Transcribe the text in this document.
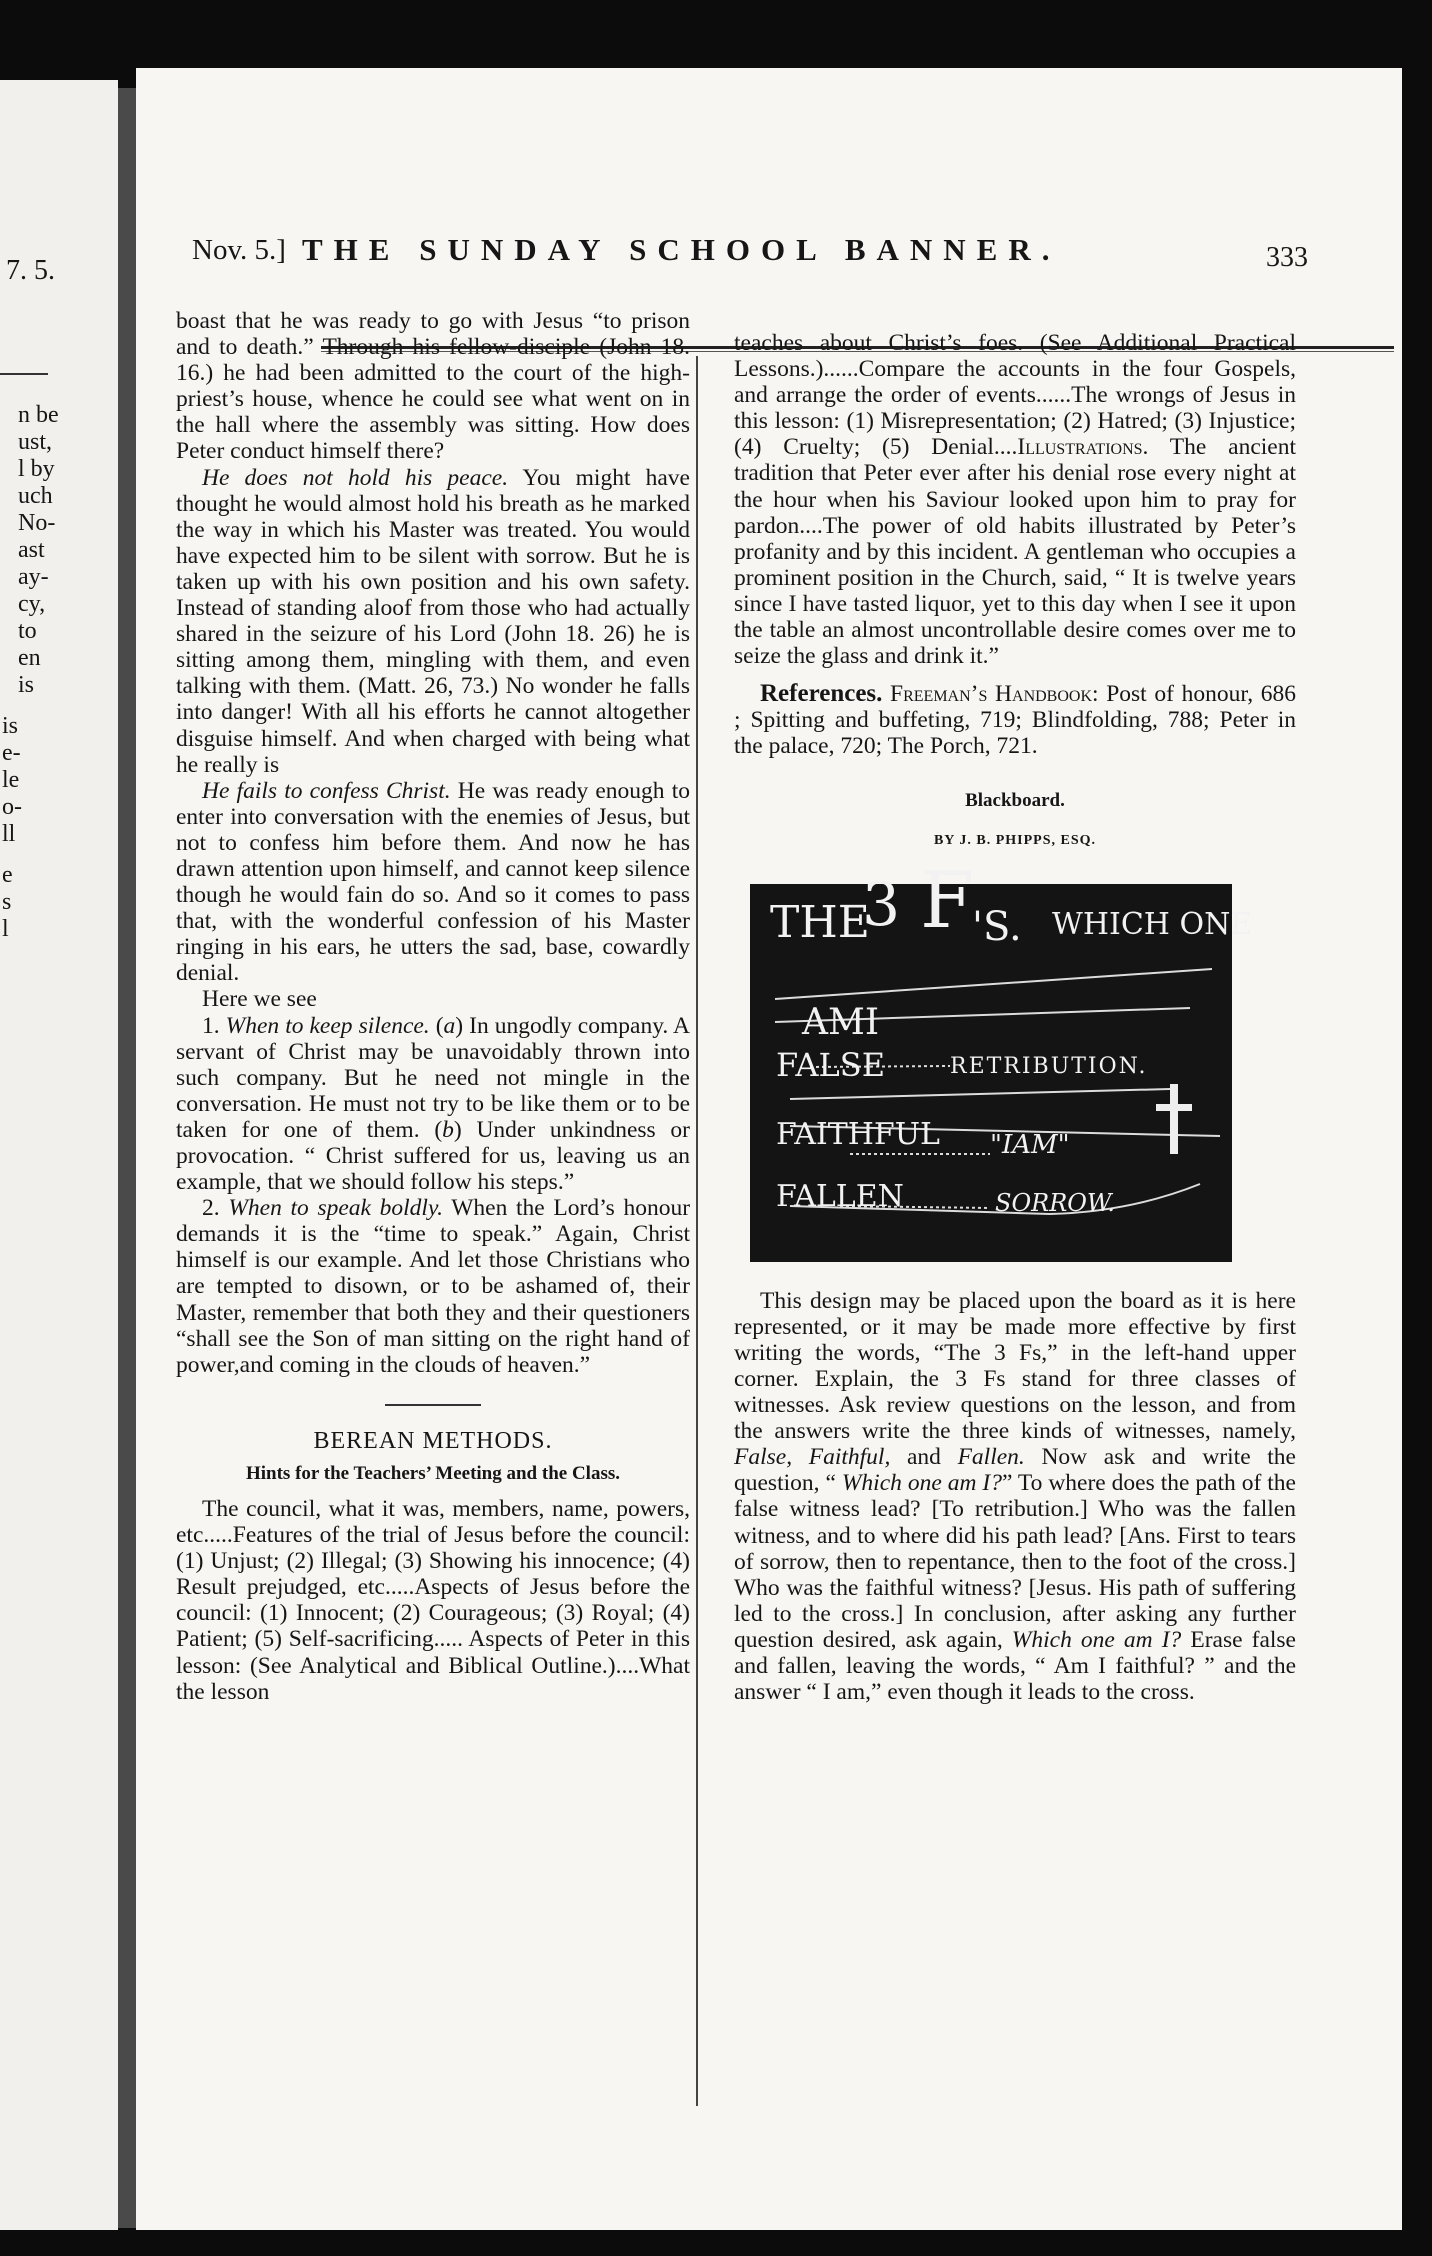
7. 5.
n be
ust,
l by
uch
No-
ast
ay-
cy,
to
en
is
is
e-
le
o-
ll
e
s
l
Nov. 5.] THE SUNDAY SCHOOL BANNER.	333

boast that he was ready to go with Jesus “to prison and to death.” Through his fellow-disciple (John 18. 16.) he had been admitted to the court of the high-priest’s house, whence he could see what went on in the hall where the assembly was sitting. How does Peter conduct himself there?

He does not hold his peace. You might have thought he would almost hold his breath as he marked the way in which his Master was treated. You would have expected him to be silent with sorrow. But he is taken up with his own position and his own safety. Instead of standing aloof from those who had actually shared in the seizure of his Lord (John 18. 26) he is sitting among them, mingling with them, and even talking with them. (Matt. 26, 73.) No wonder he falls into danger! With all his efforts he cannot altogether disguise himself. And when charged with being what he really is

He fails to confess Christ. He was ready enough to enter into conversation with the enemies of Jesus, but not to confess him before them. And now he has drawn attention upon himself, and cannot keep silence though he would fain do so. And so it comes to pass that, with the wonderful confession of his Master ringing in his ears, he utters the sad, base, cowardly denial.

Here we see

1. When to keep silence. (a) In ungodly company. A servant of Christ may be unavoidably thrown into such company. But he need not mingle in the conversation. He must not try to be like them or to be taken for one of them. (b) Under unkindness or provocation. “ Christ suffered for us, leaving us an example, that we should follow his steps.”

2. When to speak boldly. When the Lord’s honour demands it is the “time to speak.” Again, Christ himself is our example. And let those Christians who are tempted to disown, or to be ashamed of, their Master, remember that both they and their questioners “shall see the Son of man sitting on the right hand of power,and coming in the clouds of heaven.”

BEREAN METHODS.

Hints for the Teachers’ Meeting and the Class.

The council, what it was, members, name, powers, etc.....Features of the trial of Jesus before the council: (1) Unjust; (2) Illegal; (3) Showing his innocence; (4) Result prejudged, etc.....Aspects of Jesus before the council: (1) Innocent; (2) Courageous; (3) Royal; (4) Patient; (5) Self-sacrificing..... Aspects of Peter in this lesson: (See Analytical and Biblical Outline.)....What the lesson

teaches about Christ’s foes. (See Additional Practical Lessons.)......Compare the accounts in the four Gospels, and arrange the order of events......The wrongs of Jesus in this lesson: (1) Misrepresentation; (2) Hatred; (3) Injustice; (4) Cruelty; (5) Denial....Illustrations. The ancient tradition that Peter ever after his denial rose every night at the hour when his Saviour looked upon him to pray for pardon....The power of old habits illustrated by Peter’s profanity and by this incident. A gentleman who occupies a prominent position in the Church, said, “ It is twelve years since I have tasted liquor, yet to this day when I see it upon the table an almost uncontrollable desire comes over me to seize the glass and drink it.”

References. Freeman’s Handbook: Post of honour, 686 ; Spitting and buffeting, 719; Blindfolding, 788; Peter in the palace, 720; The Porch, 721.

Blackboard.

BY J. B. PHIPPS, ESQ.

THE
3 F
'S. WHICH ONE
AMI
FALSE	RETRIBUTION.
FAITHFUL "IAM"
FALLEN	SORROW.

This design may be placed upon the board as it is here represented, or it may be made more effective by first writing the words, “The 3 Fs,” in the left-hand upper corner. Explain, the 3 Fs stand for three classes of witnesses. Ask review questions on the lesson, and from the answers write the three kinds of witnesses, namely, False, Faithful, and Fallen. Now ask and write the question, “ Which one am I?” To where does the path of the false witness lead? [To retribution.] Who was the fallen witness, and to where did his path lead? [Ans. First to tears of sorrow, then to repentance, then to the foot of the cross.] Who was the faithful witness? [Jesus. His path of suffering led to the cross.] In conclusion, after asking any further question desired, ask again, Which one am I? Erase false and fallen, leaving the words, “ Am I faithful? ” and the answer “ I am,” even though it leads to the cross.
